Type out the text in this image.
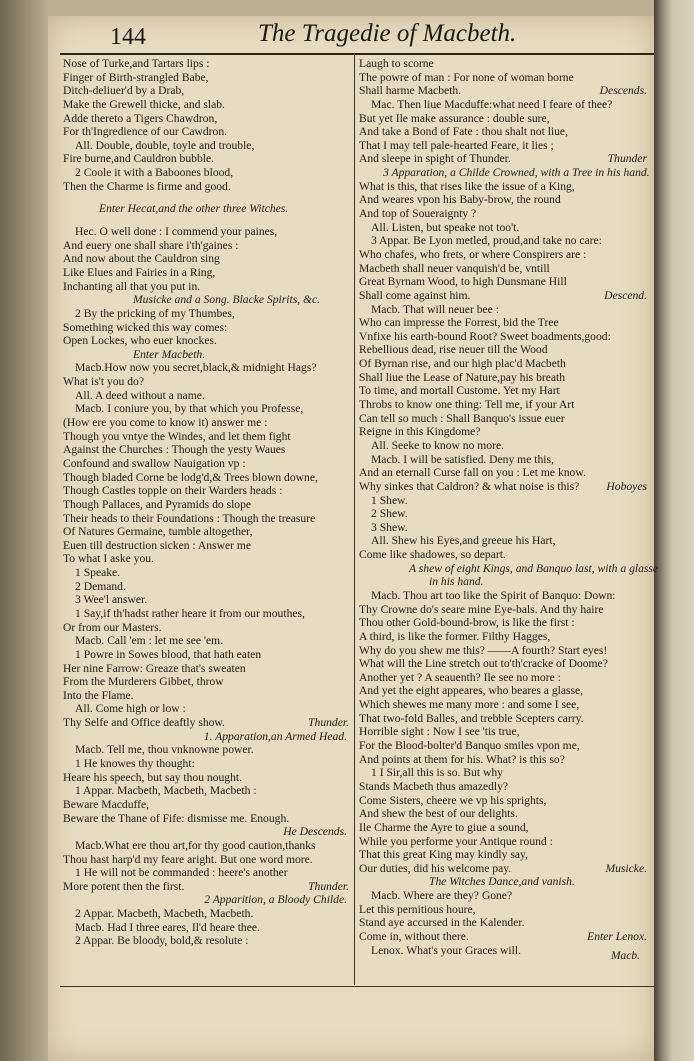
144	The Tragedie of Macbeth.
Nose of Turke,and Tartars lips :
Finger of Birth-strangled Babe,
Ditch-deliuer'd by a Drab,
Make the Grewell thicke, and slab.
Adde thereto a Tigers Chawdron,
For th'Ingredience of our Cawdron.
All. Double, double, toyle and trouble,
Fire burne,and Cauldron bubble.
2 Coole it with a Baboones blood,
Then the Charme is firme and good.
Enter Hecat,and the other three Witches.
Hec. O well done : I commend your paines,
And euery one shall share i'th'gaines :
And now about the Cauldron sing
Like Elues and Fairies in a Ring,
Inchanting all that you put in.
Musicke and a Song. Blacke Spirits, &c.
2 By the pricking of my Thumbes,
Something wicked this way comes:
Open Lockes, who euer knockes.
Enter Macbeth.
Macb.How now you secret,black,& midnight Hags?
What is't you do?
All. A deed without a name.
Macb. I coniure you, by that which you Professe,
(How ere you come to know it) answer me :
Though you vntye the Windes, and let them fight
Against the Churches : Though the yesty Waues
Confound and swallow Nauigation vp :
Though bladed Corne be lodg'd,& Trees blown downe,
Though Castles topple on their Warders heads :
Though Pallaces, and Pyramids do slope
Their heads to their Foundations : Though the treasure
Of Natures Germaine, tumble altogether,
Euen till destruction sicken : Answer me
To what I aske you.
1 Speake.
2 Demand.
3 Wee'l answer.
1 Say,if th'hadst rather heare it from our mouthes,
Or from our Masters.
Macb. Call 'em : let me see 'em.
1 Powre in Sowes blood, that hath eaten
Her nine Farrow: Greaze that's sweaten
From the Murderers Gibbet, throw
Into the Flame.
All. Come high or low :
Thy Selfe and Office deaftly show.	Thunder.
1. Apparation,an Armed Head.
Macb. Tell me, thou vnknowne power.
1 He knowes thy thought:
Heare his speech, but say thou nought.
1 Appar. Macbeth, Macbeth, Macbeth :
Beware Macduffe,
Beware the Thane of Fife: dismisse me. Enough.
He Descends.
Macb.What ere thou art,for thy good caution,thanks
Thou hast harp'd my feare aright. But one word more.
1 He will not be commanded : heere's another
More potent then the first.	Thunder.
2 Apparition, a Bloody Childe.
2 Appar. Macbeth, Macbeth, Macbeth.
Macb. Had I three eares, Il'd heare thee.
2 Appar. Be bloody, bold,& resolute :
Laugh to scorne
The powre of man : For none of woman borne
Shall harme Macbeth.	Descends.
Mac. Then liue Macduffe:what need I feare of thee?
But yet Ile make assurance : double sure,
And take a Bond of Fate : thou shalt not liue,
That I may tell pale-hearted Feare, it lies ;
And sleepe in spight of Thunder.	Thunder
3 Apparation, a Childe Crowned, with a Tree in his hand.
What is this, that rises like the issue of a King,
And weares vpon his Baby-brow, the round
And top of Soueraignty ?
All. Listen, but speake not too't.
3 Appar. Be Lyon metled, proud,and take no care:
Who chafes, who frets, or where Conspirers are :
Macbeth shall neuer vanquish'd be, vntill
Great Byrnam Wood, to high Dunsmane Hill
Shall come against him.	Descend.
Macb. That will neuer bee :
Who can impresse the Forrest, bid the Tree
Vnfixe his earth-bound Root? Sweet boadments,good:
Rebellious dead, rise neuer till the Wood
Of Byrnan rise, and our high plac'd Macbeth
Shall liue the Lease of Nature,pay his breath
To time, and mortall Custome. Yet my Hart
Throbs to know one thing: Tell me, if your Art
Can tell so much : Shall Banquo's issue euer
Reigne in this Kingdome?
All. Seeke to know no more.
Macb. I will be satisfied. Deny me this,
And an eternall Curse fall on you : Let me know.
Why sinkes that Caldron? & what noise is this? Hoboyes
1 Shew.
2 Shew.
3 Shew.
All. Shew his Eyes,and greeue his Hart,
Come like shadowes, so depart.
A shew of eight Kings, and Banquo last, with a glasse
in his hand.
Macb. Thou art too like the Spirit of Banquo: Down:
Thy Crowne do's seare mine Eye-bals. And thy haire
Thou other Gold-bound-brow, is like the first :
A third, is like the former. Filthy Hagges,
Why do you shew me this? ——A fourth? Start eyes!
What will the Line stretch out to'th'cracke of Doome?
Another yet ? A seauenth? Ile see no more :
And yet the eight appeares, who beares a glasse,
Which shewes me many more : and some I see,
That two-fold Balles, and trebble Scepters carry.
Horrible sight : Now I see 'tis true,
For the Blood-bolter'd Banquo smiles vpon me,
And points at them for his. What? is this so?
1 I Sir,all this is so. But why
Stands Macbeth thus amazedly?
Come Sisters, cheere we vp his sprights,
And shew the best of our delights.
Ile Charme the Ayre to giue a sound,
While you performe your Antique round :
That this great King may kindly say,
Our duties, did his welcome pay.	Musicke.
The Witches Dance,and vanish.
Macb. Where are they? Gone?
Let this pernitious houre,
Stand aye accursed in the Kalender.
Come in, without there.	Enter Lenox.
Lenox. What's your Graces will.	Macb.
